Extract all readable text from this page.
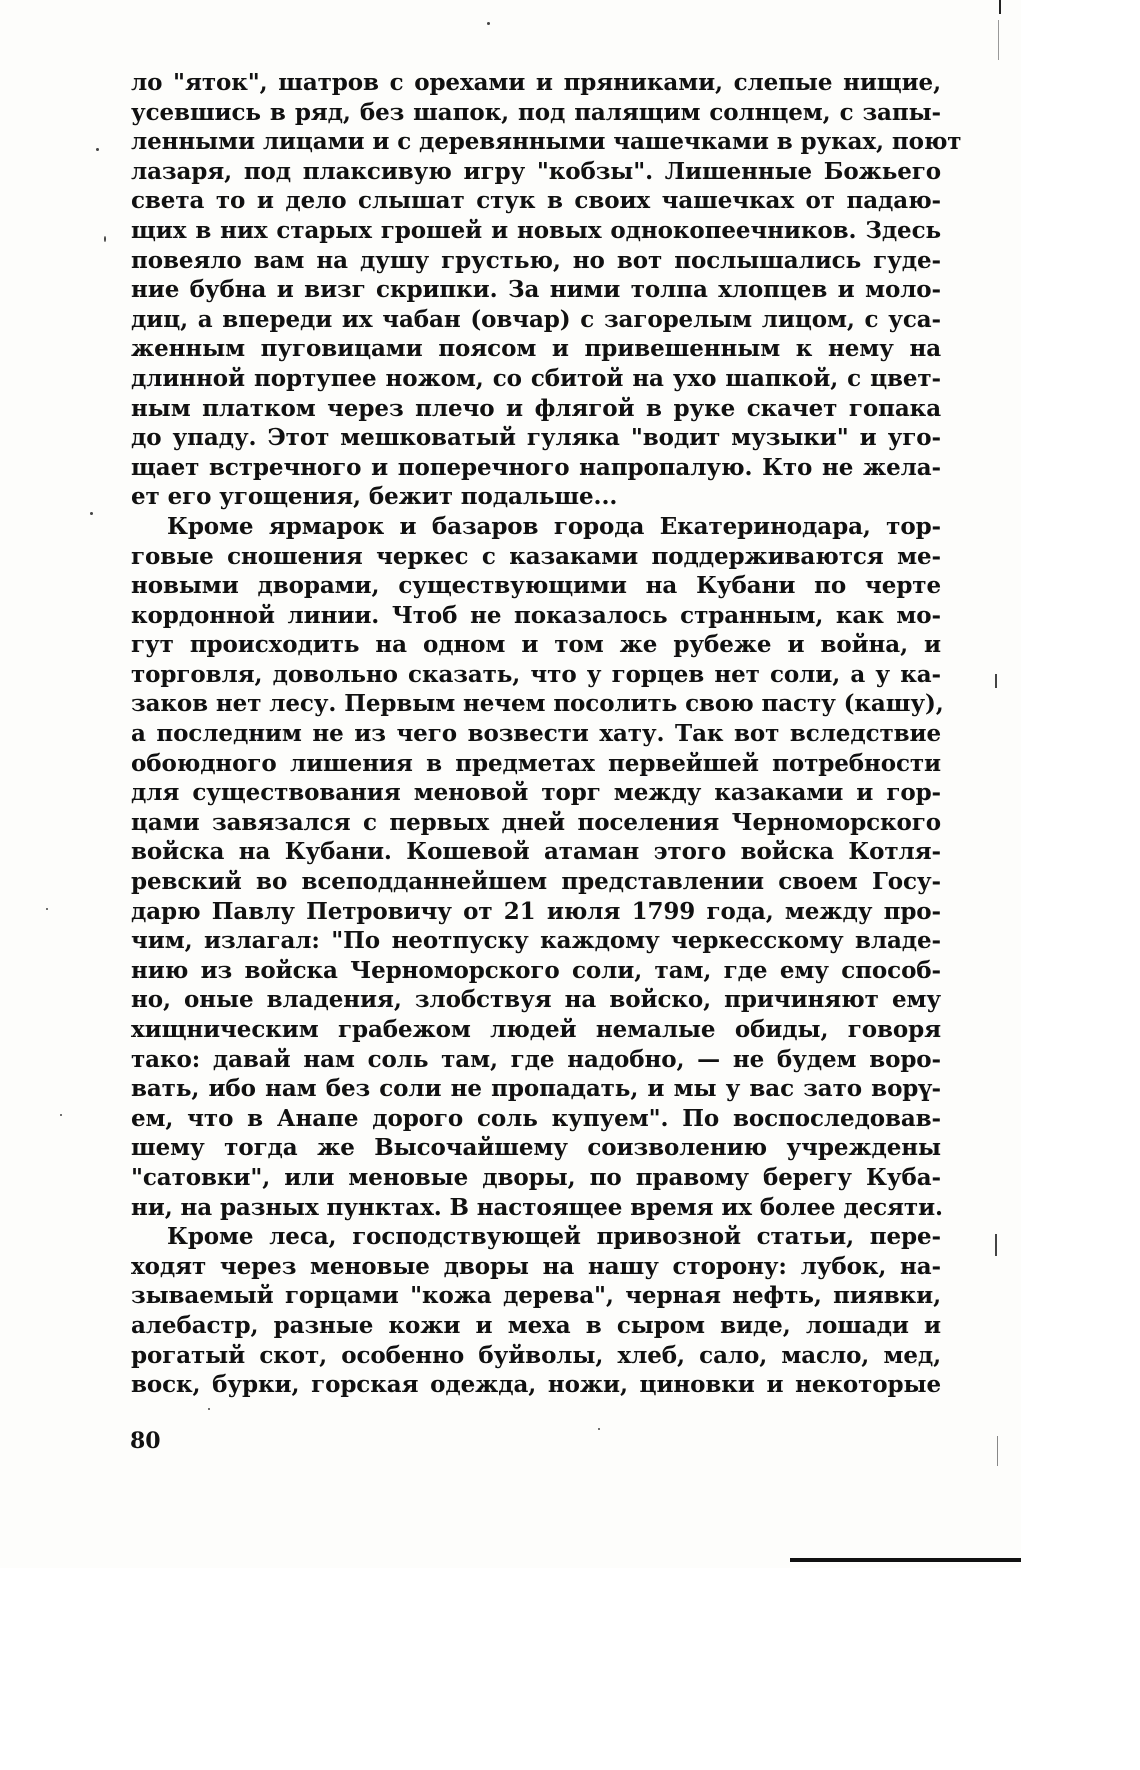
ло "яток", шатров с орехами и пряниками, слепые нищие,
усевшись в ряд, без шапок, под палящим солнцем, с запы-
ленными лицами и с деревянными чашечками в руках, поют
лазаря, под плаксивую игру "кобзы". Лишенные Божьего
света то и дело слышат стук в своих чашечках от падаю-
щих в них старых грошей и новых однокопеечников. Здесь
повеяло вам на душу грустью, но вот послышались гуде-
ние бубна и визг скрипки. За ними толпа хлопцев и моло-
диц, а впереди их чабан (овчар) с загорелым лицом, с уса-
женным пуговицами поясом и привешенным к нему на
длинной портупее ножом, со сбитой на ухо шапкой, с цвет-
ным платком через плечо и флягой в руке скачет гопака
до упаду. Этот мешковатый гуляка "водит музыки" и уго-
щает встречного и поперечного напропалую. Кто не жела-
ет его угощения, бежит подальше...
Кроме ярмарок и базаров города Екатеринодара, тор-
говые сношения черкес с казаками поддерживаются ме-
новыми дворами, существующими на Кубани по черте
кордонной линии. Чтоб не показалось странным, как мо-
гут происходить на одном и том же рубеже и война, и
торговля, довольно сказать, что у горцев нет соли, а у ка-
заков нет лесу. Первым нечем посолить свою пасту (кашу),
а последним не из чего возвести хату. Так вот вследствие
обоюдного лишения в предметах первейшей потребности
для существования меновой торг между казаками и гор-
цами завязался с первых дней поселения Черноморского
войска на Кубани. Кошевой атаман этого войска Котля-
ревский во всеподданнейшем представлении своем Госу-
дарю Павлу Петровичу от 21 июля 1799 года, между про-
чим, излагал: "По неотпуску каждому черкесскому владе-
нию из войска Черноморского соли, там, где ему способ-
но, оные владения, злобствуя на войско, причиняют ему
хищническим грабежом людей немалые обиды, говоря
тако: давай нам соль там, где надобно, — не будем воро-
вать, ибо нам без соли не пропадать, и мы у вас зато ворү-
ем, что в Анапе дорого соль купуем". По воспоследовав-
шему тогда же Высочайшему соизволению учреждены
"сатовки", или меновые дворы, по правому берегу Куба-
ни, на разных пунктах. В настоящее время их более десяти.
Кроме леса, господствующей привозной статьи, пере-
ходят через меновые дворы на нашу сторону: лубок, на-
зываемый горцами "кожа дерева", черная нефть, пиявки,
алебастр, разные кожи и меха в сыром виде, лошади и
рогатый скот, особенно буйволы, хлеб, сало, масло, мед,
воск, бурки, горская одежда, ножи, циновки и некоторые
80
